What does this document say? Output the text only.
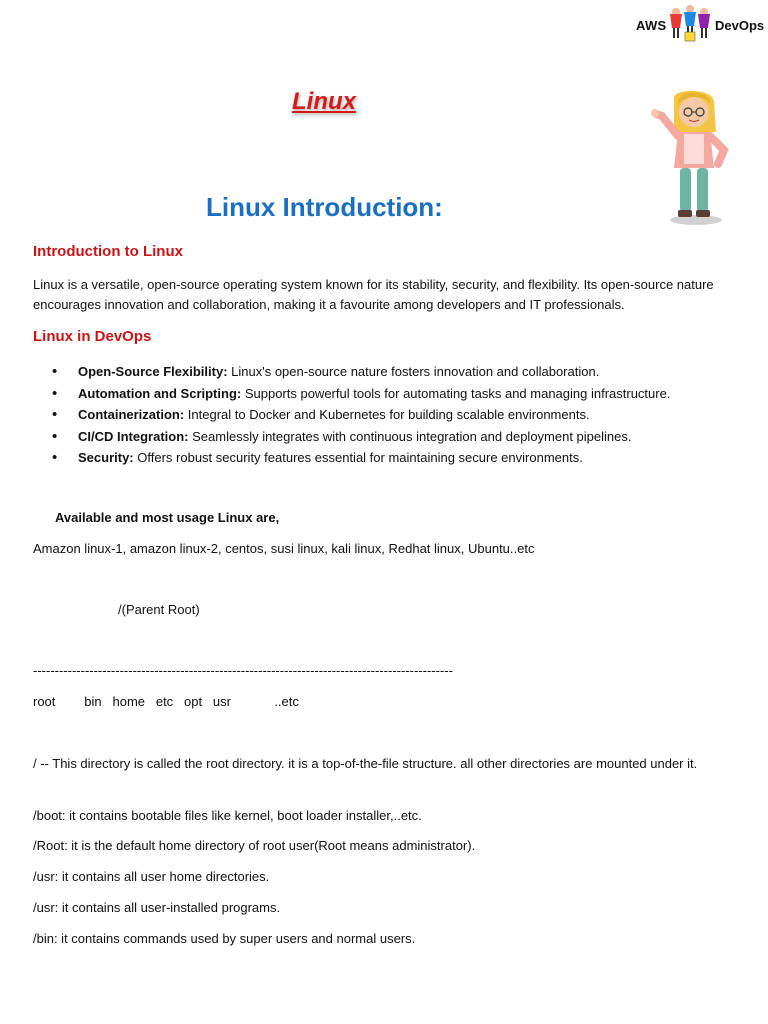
AWS	DevOps
Linux
Linux Introduction:
Introduction to Linux
Linux is a versatile, open-source operating system known for its stability, security, and flexibility. Its open-source nature encourages innovation and collaboration, making it a favourite among developers and IT professionals.
Linux in DevOps
• Open-Source Flexibility: Linux's open-source nature fosters innovation and collaboration.
• Automation and Scripting: Supports powerful tools for automating tasks and managing infrastructure.
• Containerization: Integral to Docker and Kubernetes for building scalable environments.
• CI/CD Integration: Seamlessly integrates with continuous integration and deployment pipelines.
• Security: Offers robust security features essential for maintaining secure environments.
Available and most usage Linux are,
Amazon linux-1, amazon linux-2, centos, susi linux, kali linux, Redhat linux, Ubuntu..etc
/(Parent Root)
-------------------------------------------------------------------------------------------------
root        bin   home   etc   opt   usr            ..etc
/ -- This directory is called the root directory. it is a top-of-the-file structure. all other directories are mounted under it.
/boot: it contains bootable files like kernel, boot loader installer,..etc.
/Root: it is the default home directory of root user(Root means administrator).
/usr: it contains all user home directories.
/usr: it contains all user-installed programs.
/bin: it contains commands used by super users and normal users.
